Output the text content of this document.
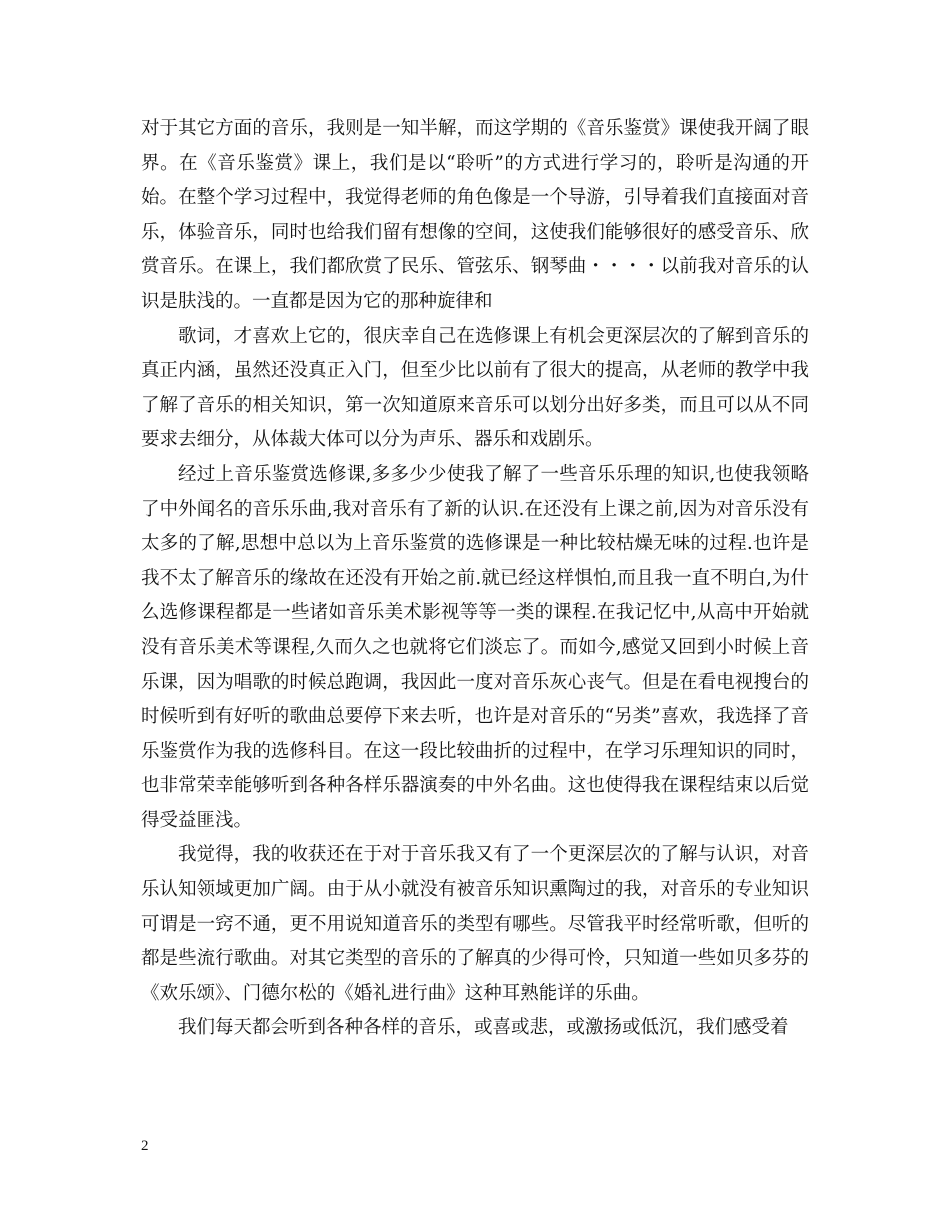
对于其它方面的音乐，我则是一知半解，而这学期的《音乐鉴赏》课使我开阔了眼界。在《音乐鉴赏》课上，我们是以“聆听”的方式进行学习的，聆听是沟通的开始。在整个学习过程中，我觉得老师的角色像是一个导游，引导着我们直接面对音乐，体验音乐，同时也给我们留有想像的空间，这使我们能够很好的感受音乐、欣赏音乐。在课上，我们都欣赏了民乐、管弦乐、钢琴曲・・・・以前我对音乐的认识是肤浅的。一直都是因为它的那种旋律和

歌词，才喜欢上它的，很庆幸自己在选修课上有机会更深层次的了解到音乐的真正内涵，虽然还没真正入门，但至少比以前有了很大的提高，从老师的教学中我了解了音乐的相关知识，第一次知道原来音乐可以划分出好多类，而且可以从不同要求去细分，从体裁大体可以分为声乐、器乐和戏剧乐。

经过上音乐鉴赏选修课,多多少少使我了解了一些音乐乐理的知识,也使我领略了中外闻名的音乐乐曲,我对音乐有了新的认识.在还没有上课之前,因为对音乐没有太多的了解,思想中总以为上音乐鉴赏的选修课是一种比较枯燥无味的过程.也许是我不太了解音乐的缘故在还没有开始之前.就已经这样惧怕,而且我一直不明白,为什么选修课程都是一些诸如音乐美术影视等等一类的课程.在我记忆中,从高中开始就没有音乐美术等课程,久而久之也就将它们淡忘了。而如今,感觉又回到小时候上音乐课，因为唱歌的时候总跑调，我因此一度对音乐灰心丧气。但是在看电视搜台的时候听到有好听的歌曲总要停下来去听，也许是对音乐的“另类”喜欢，我选择了音乐鉴赏作为我的选修科目。在这一段比较曲折的过程中，在学习乐理知识的同时，也非常荣幸能够听到各种各样乐器演奏的中外名曲。这也使得我在课程结束以后觉得受益匪浅。

我觉得，我的收获还在于对于音乐我又有了一个更深层次的了解与认识，对音乐认知领域更加广阔。由于从小就没有被音乐知识熏陶过的我，对音乐的专业知识可谓是一窍不通，更不用说知道音乐的类型有哪些。尽管我平时经常听歌，但听的都是些流行歌曲。对其它类型的音乐的了解真的少得可怜，只知道一些如贝多芬的《欢乐颂》、门德尔松的《婚礼进行曲》这种耳熟能详的乐曲。

我们每天都会听到各种各样的音乐，或喜或悲，或激扬或低沉，我们感受着

2
